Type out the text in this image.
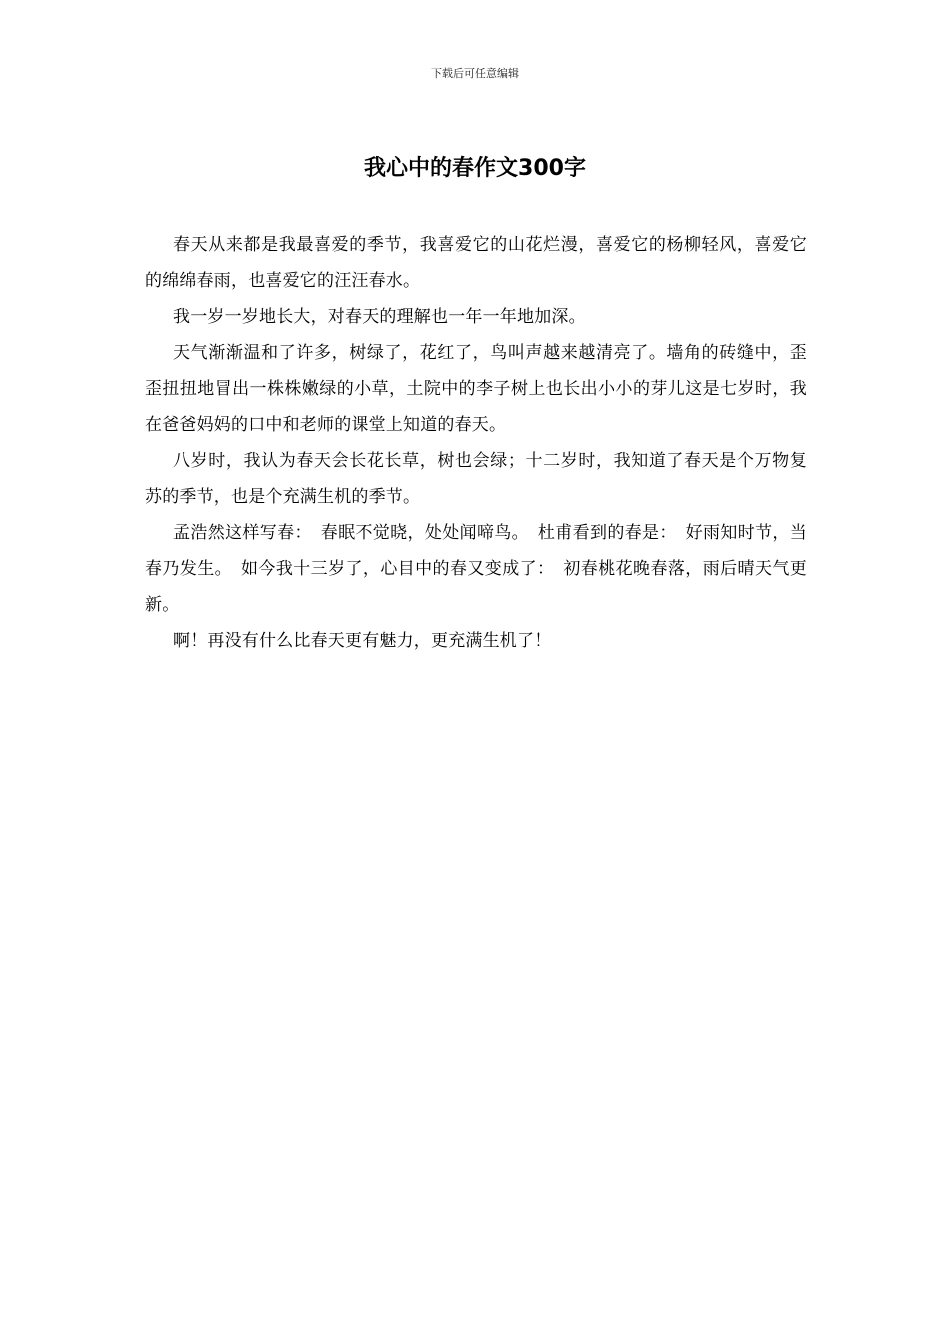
下载后可任意编辑
我心中的春作文300字

春天从来都是我最喜爱的季节，我喜爱它的山花烂漫，喜爱它的杨柳轻风，喜爱它的绵绵春雨，也喜爱它的汪汪春水。

我一岁一岁地长大，对春天的理解也一年一年地加深。

天气渐渐温和了许多，树绿了，花红了，鸟叫声越来越清亮了。墙角的砖缝中，歪歪扭扭地冒出一株株嫩绿的小草，土院中的李子树上也长出小小的芽儿这是七岁时，我在爸爸妈妈的口中和老师的课堂上知道的春天。

八岁时，我认为春天会长花长草，树也会绿；十二岁时，我知道了春天是个万物复苏的季节，也是个充满生机的季节。

孟浩然这样写春：　春眠不觉晓，处处闻啼鸟。　杜甫看到的春是：　好雨知时节，当春乃发生。　如今我十三岁了，心目中的春又变成了：　初春桃花晚春落，雨后晴天气更新。

啊！再没有什么比春天更有魅力，更充满生机了！
